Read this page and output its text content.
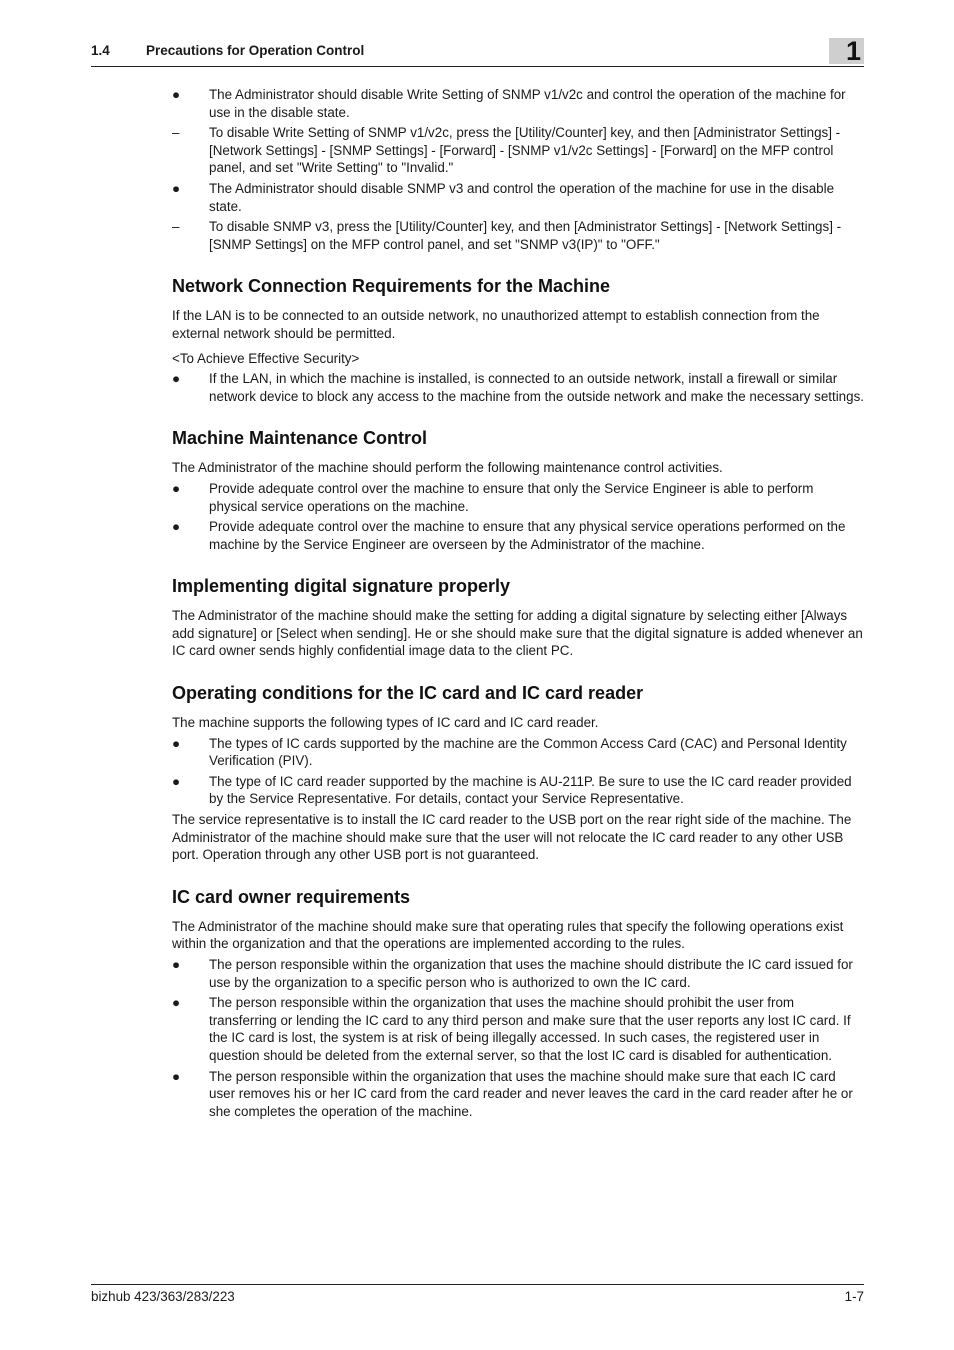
1.4	Precautions for Operation Control	1
●	The Administrator should disable Write Setting of SNMP v1/v2c and control the operation of the machine for use in the disable state.
–	To disable Write Setting of SNMP v1/v2c, press the [Utility/Counter] key, and then [Administrator Settings] - [Network Settings] - [SNMP Settings] - [Forward] - [SNMP v1/v2c Settings] - [Forward] on the MFP control panel, and set "Write Setting" to "Invalid."
●	The Administrator should disable SNMP v3 and control the operation of the machine for use in the disable state.
–	To disable SNMP v3, press the [Utility/Counter] key, and then [Administrator Settings] - [Network Settings] - [SNMP Settings] on the MFP control panel, and set "SNMP v3(IP)" to "OFF."
Network Connection Requirements for the Machine

If the LAN is to be connected to an outside network, no unauthorized attempt to establish connection from the external network should be permitted.

<To Achieve Effective Security>

●	If the LAN, in which the machine is installed, is connected to an outside network, install a firewall or similar network device to block any access to the machine from the outside network and make the necessary settings.
Machine Maintenance Control

The Administrator of the machine should perform the following maintenance control activities.

●	Provide adequate control over the machine to ensure that only the Service Engineer is able to perform physical service operations on the machine.
●	Provide adequate control over the machine to ensure that any physical service operations performed on the machine by the Service Engineer are overseen by the Administrator of the machine.
Implementing digital signature properly

The Administrator of the machine should make the setting for adding a digital signature by selecting either [Always add signature] or [Select when sending]. He or she should make sure that the digital signature is added whenever an IC card owner sends highly confidential image data to the client PC.

Operating conditions for the IC card and IC card reader

The machine supports the following types of IC card and IC card reader.

●	The types of IC cards supported by the machine are the Common Access Card (CAC) and Personal Identity Verification (PIV).
●	The type of IC card reader supported by the machine is AU-211P. Be sure to use the IC card reader provided by the Service Representative. For details, contact your Service Representative.

The service representative is to install the IC card reader to the USB port on the rear right side of the machine. The Administrator of the machine should make sure that the user will not relocate the IC card reader to any other USB port. Operation through any other USB port is not guaranteed.

IC card owner requirements

The Administrator of the machine should make sure that operating rules that specify the following operations exist within the organization and that the operations are implemented according to the rules.

●	The person responsible within the organization that uses the machine should distribute the IC card issued for use by the organization to a specific person who is authorized to own the IC card.
●	The person responsible within the organization that uses the machine should prohibit the user from transferring or lending the IC card to any third person and make sure that the user reports any lost IC card. If the IC card is lost, the system is at risk of being illegally accessed. In such cases, the registered user in question should be deleted from the external server, so that the lost IC card is disabled for authentication.
●	The person responsible within the organization that uses the machine should make sure that each IC card user removes his or her IC card from the card reader and never leaves the card in the card reader after he or she completes the operation of the machine.
bizhub 423/363/283/223	1-7
